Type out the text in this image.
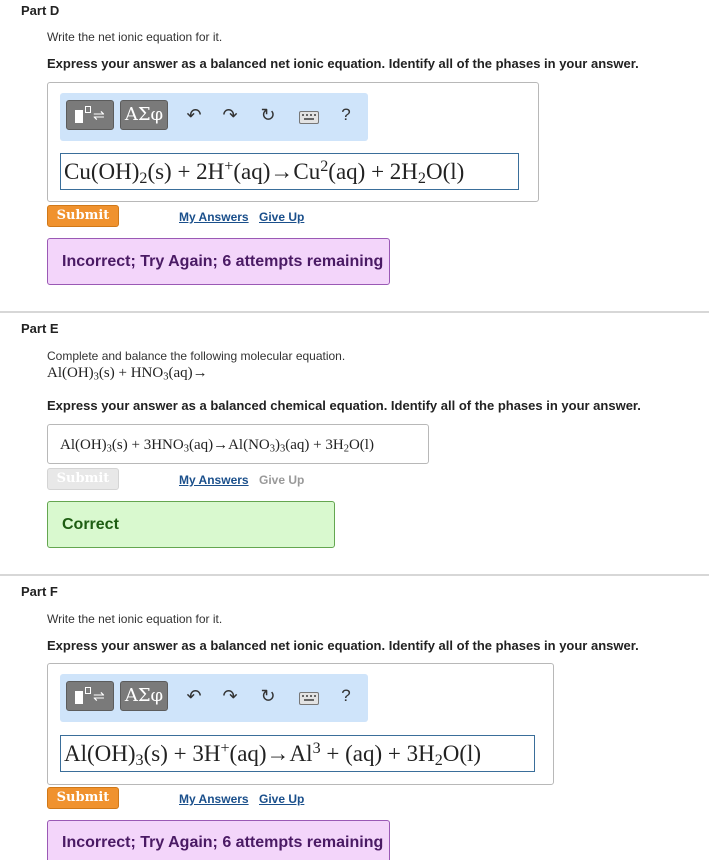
Part D
Write the net ionic equation for it.
Express your answer as a balanced net ionic equation. Identify all of the phases in your answer.
⇌ ΑΣφ ↶ ↷ ↻	?
$Cu(OH)_2(s) + 2H^+(aq)\to Cu^2(aq) + 2H_2O(l)$
Submit	My Answers Give Up
Incorrect; Try Again; 6 attempts remaining
Part E
Complete and balance the following molecular equation.
$Al(OH)_3(s) + HNO_3(aq)\to$
Express your answer as a balanced chemical equation. Identify all of the phases in your answer.
$Al(OH)_3(s) + 3HNO_3(aq)\to Al(NO_3)_3(aq) + 3H_2O(l)$
Submit	My Answers Give Up
Correct
Part F
Write the net ionic equation for it.
Express your answer as a balanced net ionic equation. Identify all of the phases in your answer.
⇌ ΑΣφ ↶ ↷ ↻	?
$Al(OH)_3(s) + 3H^+(aq)\to Al^3 + (aq) + 3H_2O(l)$
Submit	My Answers Give Up
Incorrect; Try Again; 6 attempts remaining
